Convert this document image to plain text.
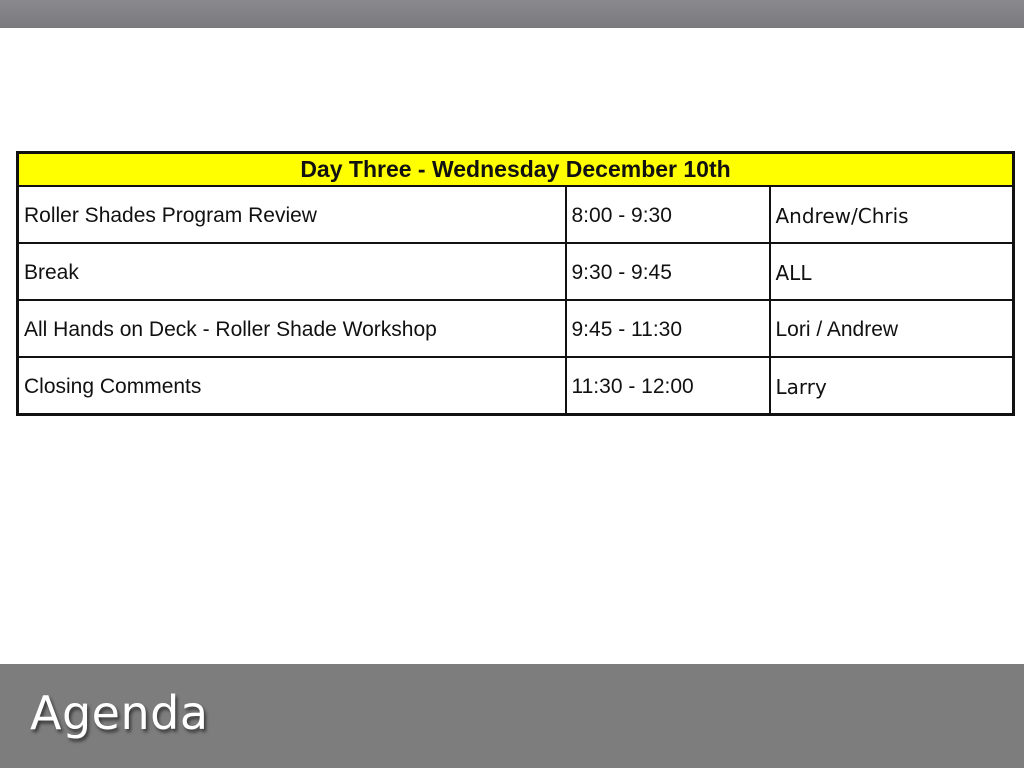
Day Three - Wednesday December 10th		
Roller Shades Program Review	8:00 - 9:30	Andrew/Chris
Break	9:30 - 9:45	ALL
All Hands on Deck - Roller Shade Workshop	9:45 - 11:30	Lori / Andrew
Closing Comments	11:30 - 12:00	Larry
Agenda
